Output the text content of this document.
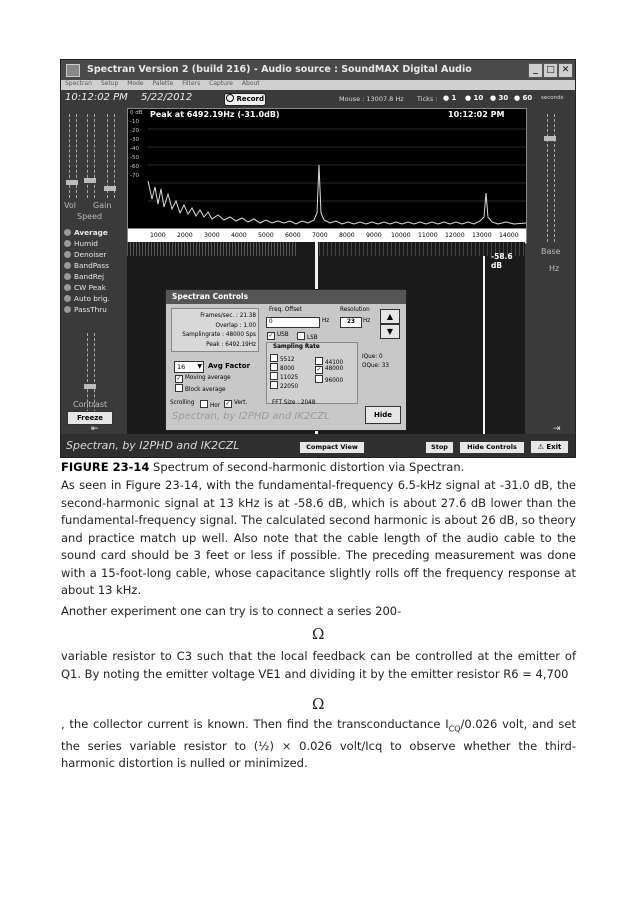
Spectran Version 2 (build 216) - Audio source : SoundMAX Digital Audio	_ □ ✕
Spectran Setup Mode Palette Filters Capture About
10:12:02 PM 5/22/2012	Record	Mouse : 13007.8 Hz Ticks : ● 1 ● 10 ● 30 ● 60 seconds
Vol Gain
Speed
Average
Humid
Denoiser
BandPass
BandRej
CW Peak
Auto brig.
PassThru
Contrast
Freeze
⇤
Base
Hz
⇥
0 dB
-10
-20
-30
-40
-50
-60
-70
Peak at 6492.19Hz (-31.0dB)	10:12:02 PM
1000 2000 3000 4000 5000 6000 7000 8000 9000 10000 11000 12000 13000 14000
-58.6 dB
Spectran Controls
Frames/sec. : 21.38
Overlap : 1.00
Samplingrate : 48000 Sps
Peak : 6492.19Hz
Freq. Offset
0	Hz
Resolution
23	Hz	▲
▼
✓ USB	LSB
Sampling Rate
5512
8000
11025
22050
44100
✓ 48000
96000
IQue: 0
OQue: 33
16 ▼ Avg Factor
✓ Moving average
Block average
Scrolling	Hor ✓ Vert.	FFT Size : 2048
Spectran, by I2PHD and IK2CZL	Hide
Spectran, by I2PHD and IK2CZL	Compact View	Stop	Hide Controls	⚠ Exit
FIGURE 23-14 Spectrum of second-harmonic distortion via Spectran.
As seen in Figure 23-14, with the fundamental-frequency 6.5-kHz signal at -31.0 dB, the second-harmonic signal at 13 kHz is at -58.6 dB, which is about 27.6 dB lower than the fundamental-frequency signal. The calculated second harmonic is about 26 dB, so theory and practice match up well. Also note that the cable length of the audio cable to the sound card should be 3 feet or less if possible. The preceding measurement was done with a 15-foot-long cable, whose capacitance slightly rolls off the frequency response at about 13 kHz.
Another experiment one can try is to connect a series 200-
Ω
variable resistor to C3 such that the local feedback can be controlled at the emitter of Q1. By noting the emitter voltage VE1 and dividing it by the emitter resistor R6 = 4,700
Ω
, the collector current is known. Then find the transconductance $I_{CQ}/0.026$ volt, and set the series variable resistor to (½) × 0.026 volt/Icq to observe whether the third-harmonic distortion is nulled or minimized.
